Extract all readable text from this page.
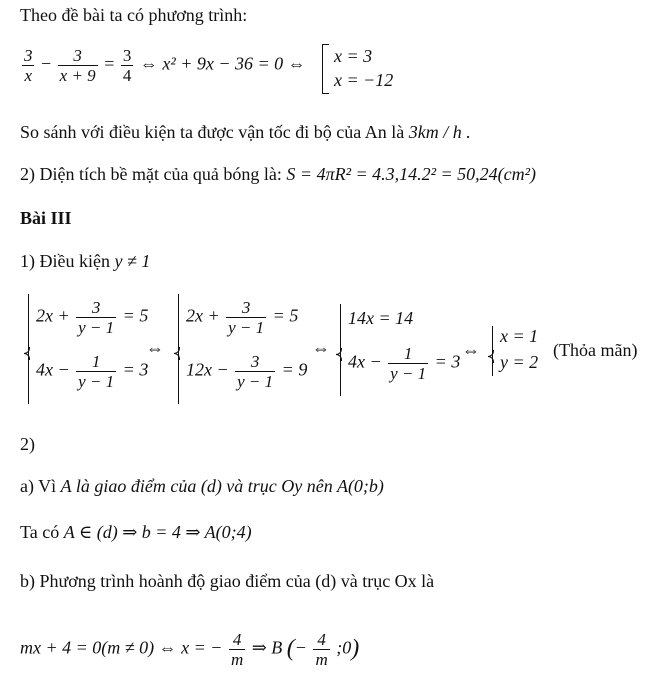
Theo đề bài ta có phương trình:
$\frac{3}{x} - \frac{3}{x + 9} = \frac{3}{4}$ ⇔ x² + 9x − 36 = 0 ⇔ x = 3
x = −12
So sánh với điều kiện ta được vận tốc đi bộ của An là 3km / h .
2) Diện tích bề mặt của quả bóng là: S = 4πR² = 4.3,14.2² = 50,24(cm²)
Bài III
1) Điều kiện y ≠ 1
$2x + \frac{3}{y - 1} = 5$
$4x - \frac{1}{y - 1} = 3$
⇔
$2x + \frac{3}{y - 1} = 5$
$12x - \frac{3}{y - 1} = 9$
⇔
14x = 14
$4x - \frac{1}{y - 1} = 3$
⇔
x = 1
y = 2
(Thỏa mãn)
2)
a) Vì A là giao điểm của (d) và trục Oy nên A(0;b)
Ta có A ∈ (d) ⇒ b = 4 ⇒ A(0;4)
b) Phương trình hoành độ giao điểm của (d) và trục Ox là
mx + 4 = 0(m ≠ 0) ⇔ x = − $\frac{4}{m}$ ⇒ B (− $\frac{4}{m}$ ;0)
